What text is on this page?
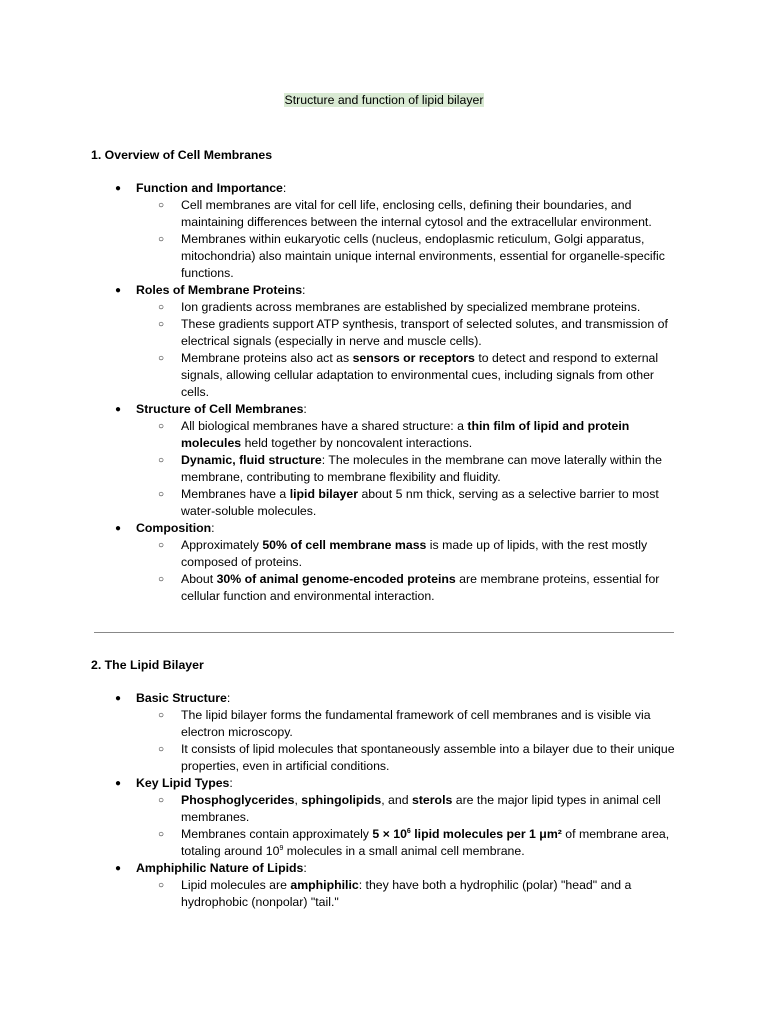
Structure and function of lipid bilayer
1. Overview of Cell Membranes
● Function and Importance:
○ Cell membranes are vital for cell life, enclosing cells, defining their boundaries, and maintaining differences between the internal cytosol and the extracellular environment.
○ Membranes within eukaryotic cells (nucleus, endoplasmic reticulum, Golgi apparatus, mitochondria) also maintain unique internal environments, essential for organelle-specific functions.
● Roles of Membrane Proteins:
○ Ion gradients across membranes are established by specialized membrane proteins.
○ These gradients support ATP synthesis, transport of selected solutes, and transmission of electrical signals (especially in nerve and muscle cells).
○ Membrane proteins also act as sensors or receptors to detect and respond to external signals, allowing cellular adaptation to environmental cues, including signals from other cells.
● Structure of Cell Membranes:
○ All biological membranes have a shared structure: a thin film of lipid and protein molecules held together by noncovalent interactions.
○ Dynamic, fluid structure: The molecules in the membrane can move laterally within the membrane, contributing to membrane flexibility and fluidity.
○ Membranes have a lipid bilayer about 5 nm thick, serving as a selective barrier to most water-soluble molecules.
● Composition:
○ Approximately 50% of cell membrane mass is made up of lipids, with the rest mostly composed of proteins.
○ About 30% of animal genome-encoded proteins are membrane proteins, essential for cellular function and environmental interaction.
2. The Lipid Bilayer
● Basic Structure:
○ The lipid bilayer forms the fundamental framework of cell membranes and is visible via electron microscopy.
○ It consists of lipid molecules that spontaneously assemble into a bilayer due to their unique properties, even in artificial conditions.
● Key Lipid Types:
○ Phosphoglycerides, sphingolipids, and sterols are the major lipid types in animal cell membranes.
○ Membranes contain approximately $5 \times 10^6$ lipid molecules per 1 μm² of membrane area, totaling around $10^9$ molecules in a small animal cell membrane.
● Amphiphilic Nature of Lipids:
○ Lipid molecules are amphiphilic: they have both a hydrophilic (polar) "head" and a hydrophobic (nonpolar) "tail."
